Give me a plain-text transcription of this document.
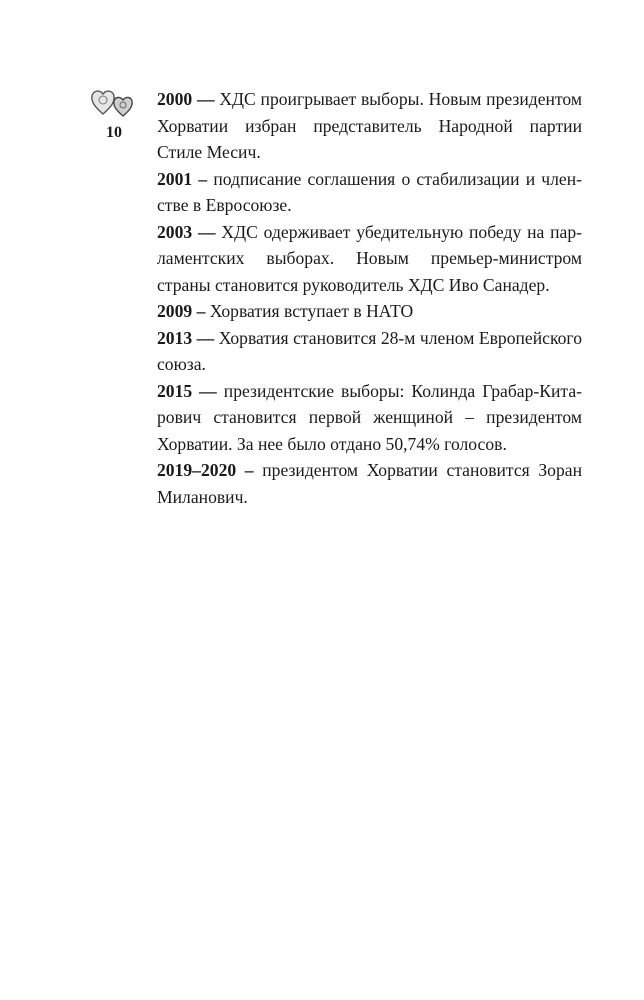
10

2000 — ХДС проигрывает выборы. Новым президентом
Хорватии избран представитель Народной партии
Стиле Месич.

2001 – подписание соглашения о стабилизации и член-
стве в Евросоюзе.

2003 — ХДС одерживает убедительную победу на пар-
ламентских выборах. Новым премьер-министром
страны становится руководитель ХДС Иво Санадер.

2009 – Хорватия вступает в НАТО

2013 — Хорватия становится 28-м членом Европейского
союза.

2015 — президентские выборы: Колинда Грабар-Кита-
рович становится первой женщиной – президентом
Хорватии. За нее было отдано 50,74% голосов.

2019–2020 – президентом Хорватии становится Зоран
Миланович.
